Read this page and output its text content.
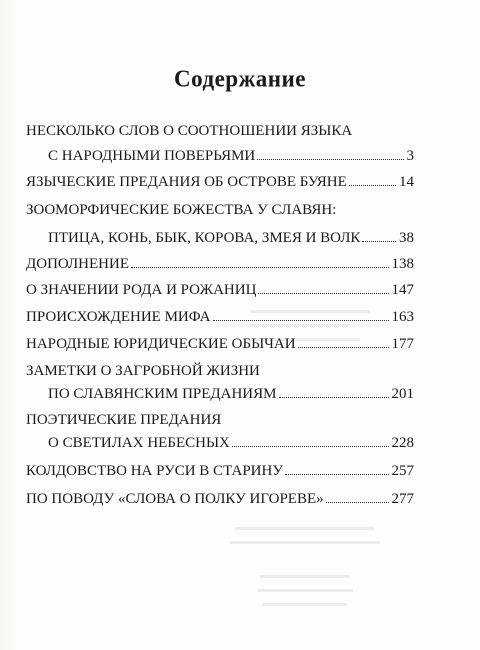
Содержание
НЕСКОЛЬКО СЛОВ О СООТНОШЕНИИ ЯЗЫКА
С НАРОДНЫМИ ПОВЕРЬЯМИ	3
ЯЗЫЧЕСКИЕ ПРЕДАНИЯ ОБ ОСТРОВЕ БУЯНЕ	14
ЗООМОРФИЧЕСКИЕ БОЖЕСТВА У СЛАВЯН:
ПТИЦА, КОНЬ, БЫК, КОРОВА, ЗМЕЯ И ВОЛК	38
ДОПОЛНЕНИЕ	138
О ЗНАЧЕНИИ РОДА И РОЖАНИЦ	147
ПРОИСХОЖДЕНИЕ МИФА	163
НАРОДНЫЕ ЮРИДИЧЕСКИЕ ОБЫЧАИ	177
ЗАМЕТКИ О ЗАГРОБНОЙ ЖИЗНИ
ПО СЛАВЯНСКИМ ПРЕДАНИЯМ	201
ПОЭТИЧЕСКИЕ ПРЕДАНИЯ
О СВЕТИЛАХ НЕБЕСНЫХ	228
КОЛДОВСТВО НА РУСИ В СТАРИНУ	257
ПО ПОВОДУ «СЛОВА О ПОЛКУ ИГОРЕВЕ»	277
